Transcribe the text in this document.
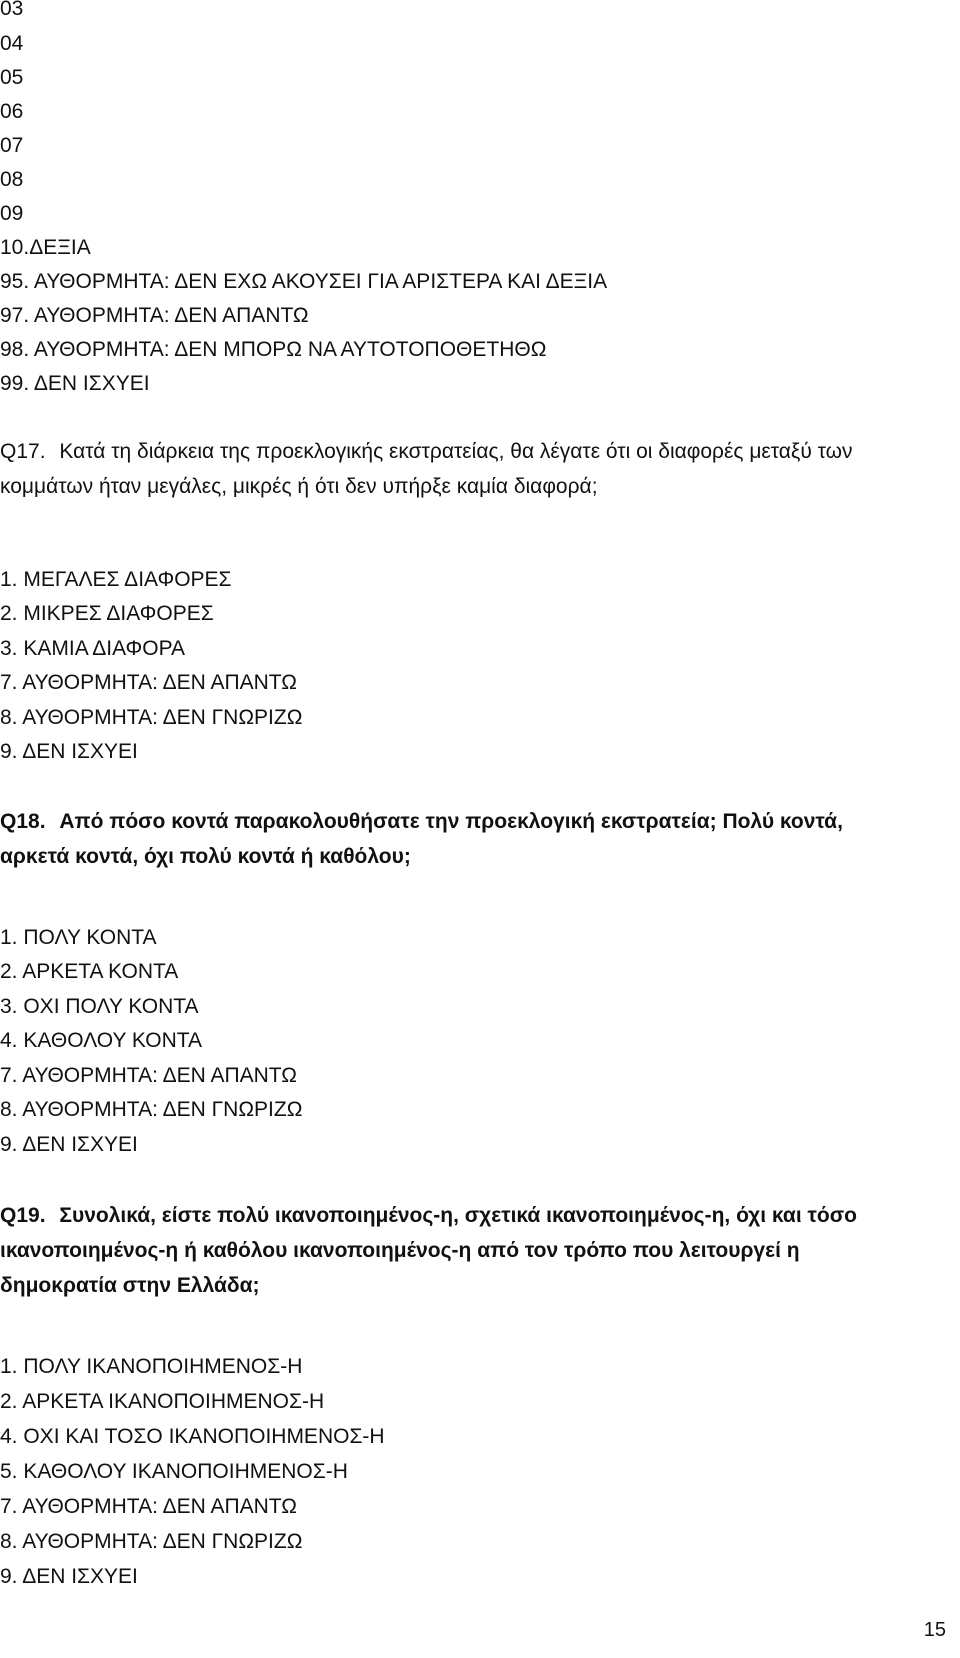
03
04
05
06
07
08
09
10.ΔΕΞΙΑ
95. ΑΥΘΟΡΜΗΤΑ: ΔΕΝ ΕΧΩ ΑΚΟΥΣΕΙ ΓΙΑ ΑΡΙΣΤΕΡΑ ΚΑΙ ΔΕΞΙΑ
97. ΑΥΘΟΡΜΗΤΑ: ΔΕΝ ΑΠΑΝΤΩ
98. ΑΥΘΟΡΜΗΤΑ: ΔΕΝ ΜΠΟΡΩ ΝΑ ΑΥΤΟΤΟΠΟΘΕΤΗΘΩ
99. ΔΕΝ ΙΣΧΥΕΙ
Q17. Κατά τη διάρκεια της προεκλογικής εκστρατείας, θα λέγατε ότι οι διαφορές μεταξύ των κομμάτων ήταν μεγάλες, μικρές ή ότι δεν υπήρξε καμία διαφορά;
1. ΜΕΓΑΛΕΣ ΔΙΑΦΟΡΕΣ
2. ΜΙΚΡΕΣ ΔΙΑΦΟΡΕΣ
3. ΚΑΜΙΑ ΔΙΑΦΟΡΑ
7. ΑΥΘΟΡΜΗΤΑ: ΔΕΝ ΑΠΑΝΤΩ
8. ΑΥΘΟΡΜΗΤΑ: ΔΕΝ ΓΝΩΡΙΖΩ
9. ΔΕΝ ΙΣΧΥΕΙ
Q18. Από πόσο κοντά παρακολουθήσατε την προεκλογική εκστρατεία; Πολύ κοντά, αρκετά κοντά, όχι πολύ κοντά ή καθόλου;
1. ΠΟΛΥ ΚΟΝΤΑ
2. ΑΡΚΕΤΑ ΚΟΝΤΑ
3. ΟΧΙ ΠΟΛΥ ΚΟΝΤΑ
4. ΚΑΘΟΛΟΥ ΚΟΝΤΑ
7. ΑΥΘΟΡΜΗΤΑ: ΔΕΝ ΑΠΑΝΤΩ
8. ΑΥΘΟΡΜΗΤΑ: ΔΕΝ ΓΝΩΡΙΖΩ
9. ΔΕΝ ΙΣΧΥΕΙ
Q19. Συνολικά, είστε πολύ ικανοποιημένος-η, σχετικά ικανοποιημένος-η, όχι και τόσο ικανοποιημένος-η ή καθόλου ικανοποιημένος-η από τον τρόπο που λειτουργεί η δημοκρατία στην Ελλάδα;
1. ΠΟΛΥ ΙΚΑΝΟΠΟΙΗΜΕΝΟΣ-Η
2. ΑΡΚΕΤΑ ΙΚΑΝΟΠΟΙΗΜΕΝΟΣ-Η
4. ΟΧΙ ΚΑΙ ΤΟΣΟ ΙΚΑΝΟΠΟΙΗΜΕΝΟΣ-Η
5. ΚΑΘΟΛΟΥ ΙΚΑΝΟΠΟΙΗΜΕΝΟΣ-Η
7. ΑΥΘΟΡΜΗΤΑ: ΔΕΝ ΑΠΑΝΤΩ
8. ΑΥΘΟΡΜΗΤΑ: ΔΕΝ ΓΝΩΡΙΖΩ
9. ΔΕΝ ΙΣΧΥΕΙ
15
